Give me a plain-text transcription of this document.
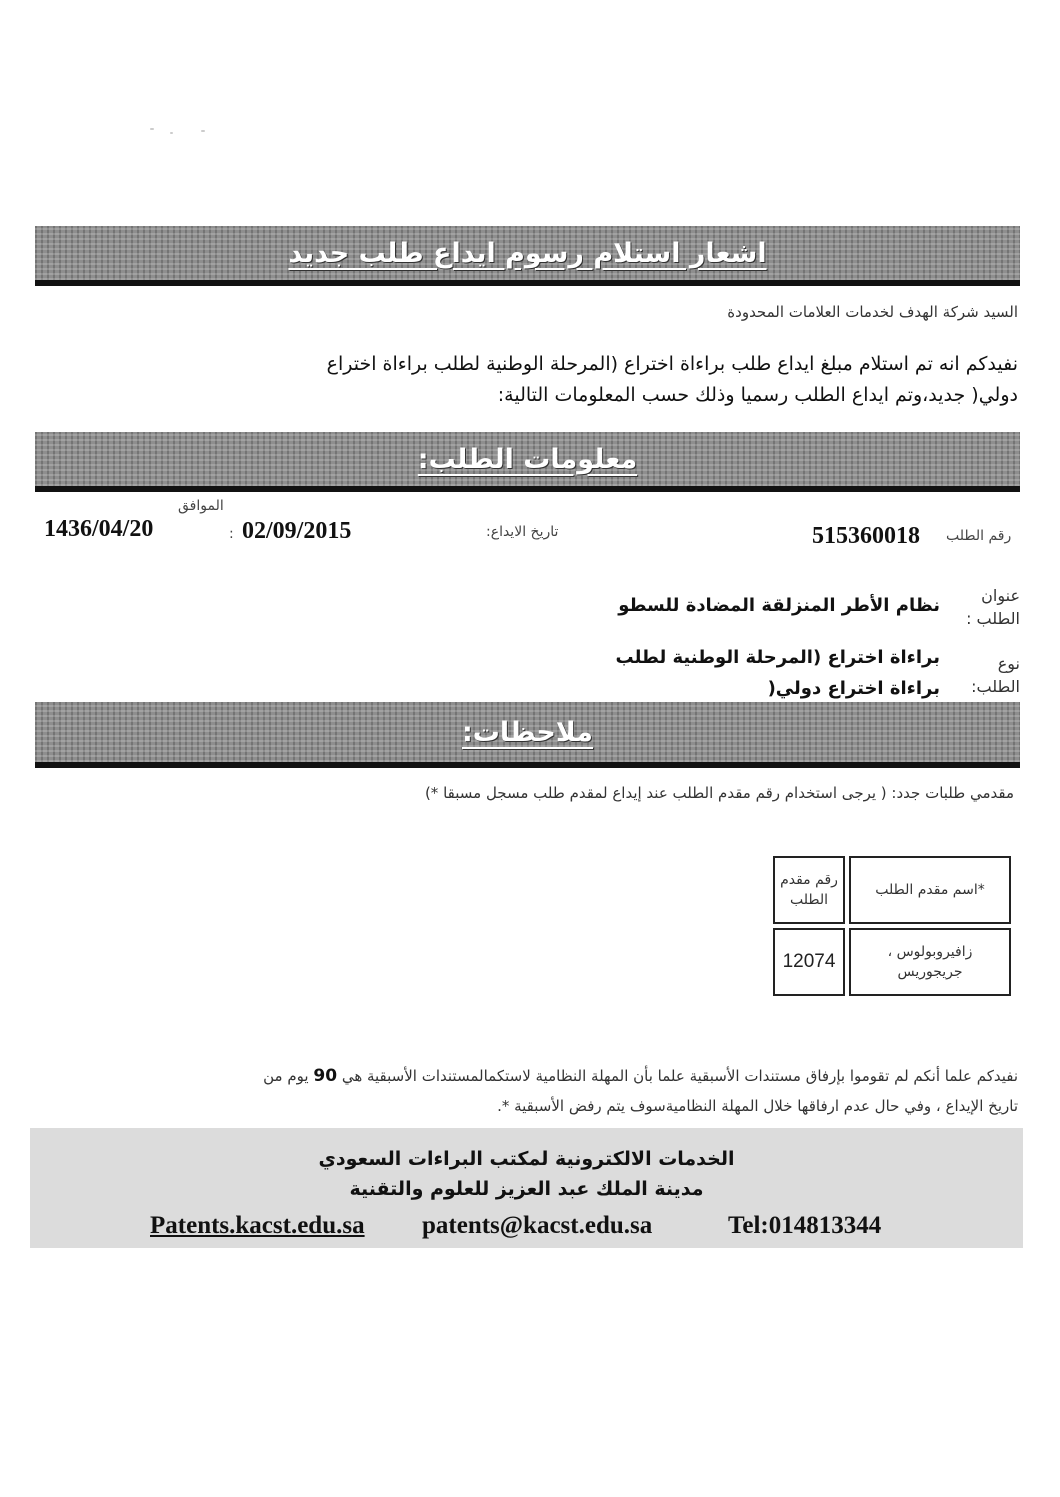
اشعار استلام رسوم ايداع طلب جديد
السيد شركة الهدف لخدمات العلامات المحدودة
نفيدكم انه تم استلام مبلغ ايداع طلب براءاة اختراع (المرحلة الوطنية لطلب براءاة اختراع
دولي( جديد،وتم ايداع الطلب رسميا وذلك حسب المعلومات التالية:
معلومات الطلب:
رقم الطلب
515360018
تاريخ الايداع:
02/09/2015
الموافق
:
1436/04/20
عنوان
الطلب :
نظام الأطر المنزلقة المضادة للسطو
نوع
الطلب:
براءاة اختراع (المرحلة الوطنية لطلب
براءاة اختراع دولي(
ملاحظات:
مقدمي طلبات جدد: ( يرجى استخدام رقم مقدم الطلب عند إيداع لمقدم طلب مسجل مسبقا *)
*اسم مقدم الطلب	رقم مقدم
الطلب

زافيروبولوس ،
جريجوريس	12074
نفيدكم علما أنكم لم تقوموا بإرفاق مستندات الأسبقية علما بأن المهلة النظامية لاستكمالمستندات الأسبقية هي 90 يوم من
تاريخ الإيداع ، وفي حال عدم ارفاقها خلال المهلة النظاميةسوف يتم رفض الأسبقية *.
الخدمات الالكترونية لمكتب البراءات السعودي
مدينة الملك عبد العزيز للعلوم والتقنية
Patents.kacst.edu.sa patents@kacst.edu.sa	Tel:014813344
